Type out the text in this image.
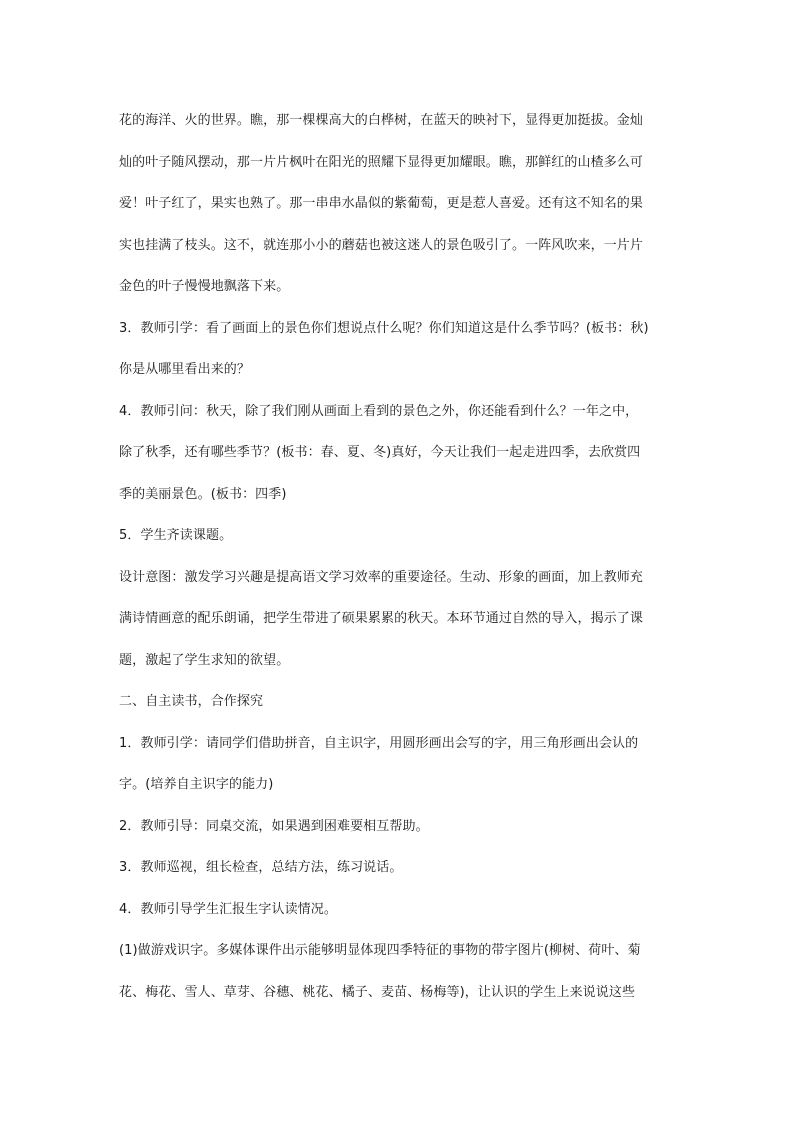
花的海洋、火的世界。瞧，那一棵棵高大的白桦树，在蓝天的映衬下，显得更加挺拔。金灿
灿的叶子随风摆动，那一片片枫叶在阳光的照耀下显得更加耀眼。瞧，那鲜红的山楂多么可
爱！叶子红了，果实也熟了。那一串串水晶似的紫葡萄，更是惹人喜爱。还有这不知名的果
实也挂满了枝头。这不，就连那小小的蘑菇也被这迷人的景色吸引了。一阵风吹来，一片片
金色的叶子慢慢地飘落下来。
3．教师引学：看了画面上的景色你们想说点什么呢？你们知道这是什么季节吗？(板书：秋)
你是从哪里看出来的？
4．教师引问：秋天，除了我们刚从画面上看到的景色之外，你还能看到什么？一年之中，
除了秋季，还有哪些季节？(板书：春、夏、冬)真好，今天让我们一起走进四季，去欣赏四
季的美丽景色。(板书：四季)
5．学生齐读课题。
设计意图：激发学习兴趣是提高语文学习效率的重要途径。生动、形象的画面，加上教师充
满诗情画意的配乐朗诵，把学生带进了硕果累累的秋天。本环节通过自然的导入，揭示了课
题，激起了学生求知的欲望。
二、自主读书，合作探究
1．教师引学：请同学们借助拼音，自主识字，用圆形画出会写的字，用三角形画出会认的
字。(培养自主识字的能力)
2．教师引导：同桌交流，如果遇到困难要相互帮助。
3．教师巡视，组长检查，总结方法，练习说话。
4．教师引导学生汇报生字认读情况。
(1)做游戏识字。多媒体课件出示能够明显体现四季特征的事物的带字图片(柳树、荷叶、菊
花、梅花、雪人、草芽、谷穗、桃花、橘子、麦苗、杨梅等)，让认识的学生上来说说这些
